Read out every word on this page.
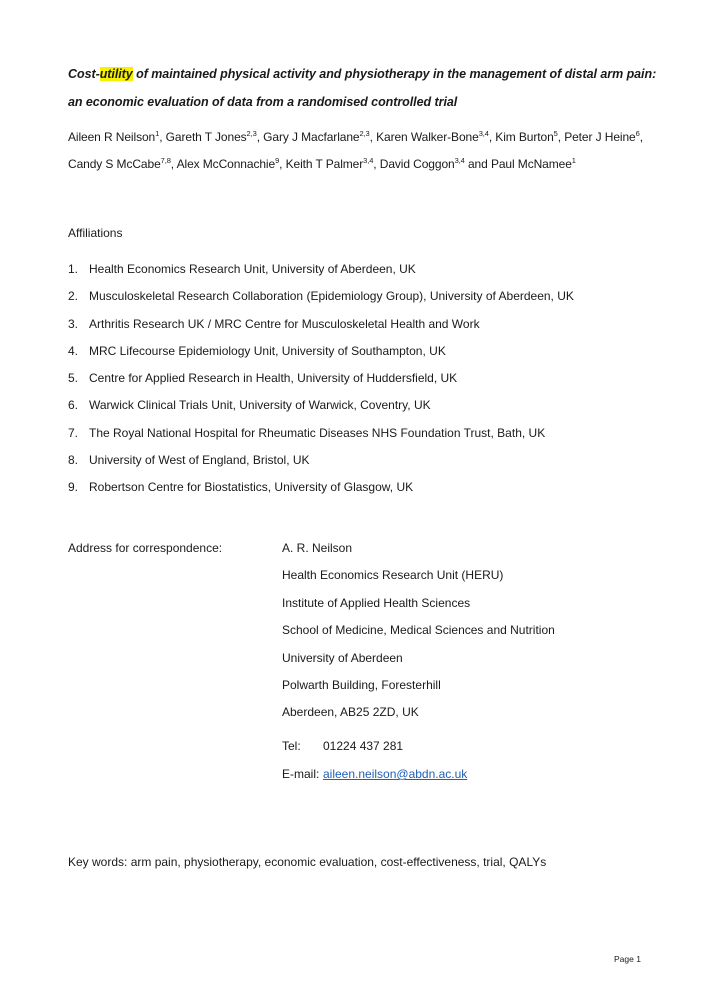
Cost-utility of maintained physical activity and physiotherapy in the management of distal arm pain:
an economic evaluation of data from a randomised controlled trial
Aileen R Neilson$^1$, Gareth T Jones$^{2,3}$, Gary J Macfarlane$^{2,3}$, Karen Walker-Bone$^{3,4}$, Kim Burton$^5$, Peter J Heine$^6$,
Candy S McCabe$^{7,8}$, Alex McConnachie$^9$, Keith T Palmer$^{3,4}$, David Coggon$^{3,4}$ and Paul McNamee$^1$
Affiliations
1. Health Economics Research Unit, University of Aberdeen, UK
2. Musculoskeletal Research Collaboration (Epidemiology Group), University of Aberdeen, UK
3. Arthritis Research UK / MRC Centre for Musculoskeletal Health and Work
4. MRC Lifecourse Epidemiology Unit, University of Southampton, UK
5. Centre for Applied Research in Health, University of Huddersfield, UK
6. Warwick Clinical Trials Unit, University of Warwick, Coventry, UK
7. The Royal National Hospital for Rheumatic Diseases NHS Foundation Trust, Bath, UK
8. University of West of England, Bristol, UK
9. Robertson Centre for Biostatistics, University of Glasgow, UK
Address for correspondence:	A. R. Neilson
Health Economics Research Unit (HERU)
Institute of Applied Health Sciences
School of Medicine, Medical Sciences and Nutrition
University of Aberdeen
Polwarth Building, Foresterhill
Aberdeen, AB25 2ZD, UK
Tel: 01224 437 281
E-mail: aileen.neilson@abdn.ac.uk
Key words: arm pain, physiotherapy, economic evaluation, cost-effectiveness, trial, QALYs
Page 1
